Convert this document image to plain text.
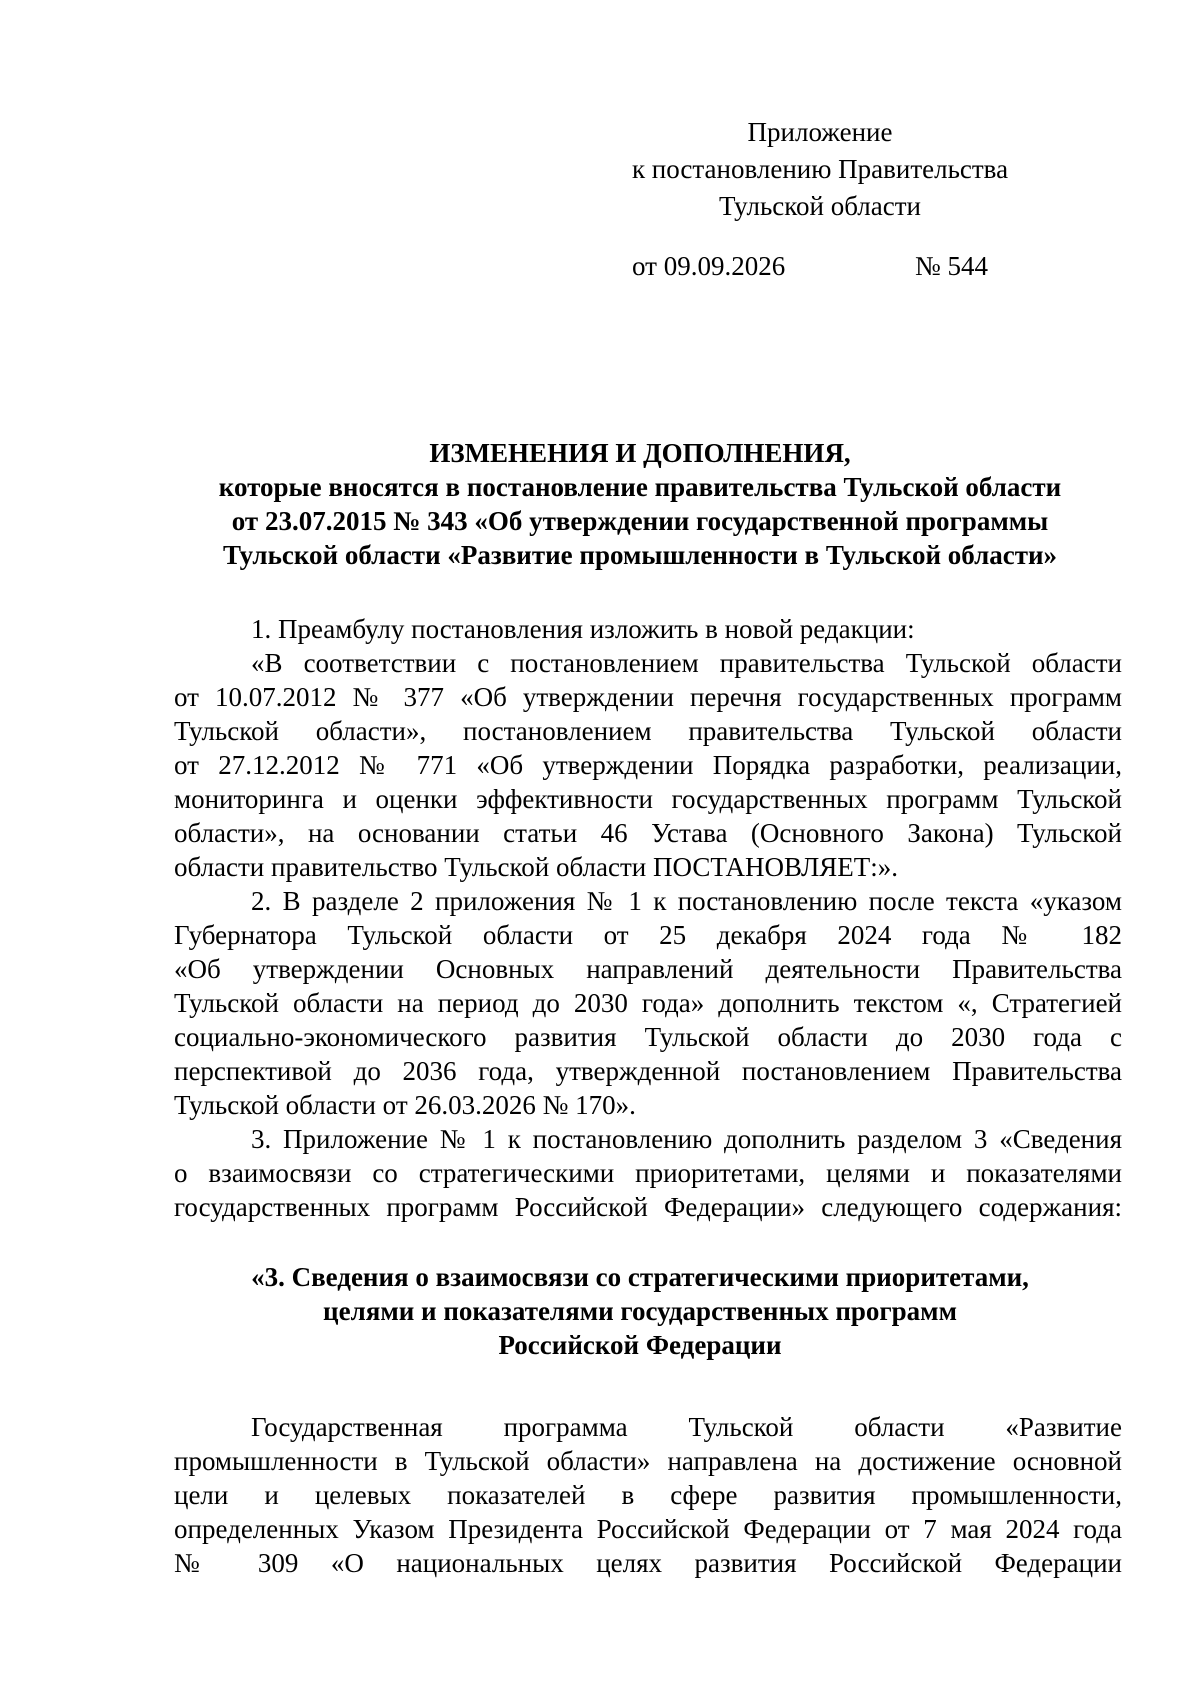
Приложение
к постановлению Правительства
Тульской области
от 09.09.2026	№ 544
ИЗМЕНЕНИЯ И ДОПОЛНЕНИЯ,
которые вносятся в постановление правительства Тульской области
от 23.07.2015 № 343 «Об утверждении государственной программы
Тульской области «Развитие промышленности в Тульской области»
1. Преамбулу постановления изложить в новой редакции:
«В соответствии с постановлением правительства Тульской области
от 10.07.2012 № 377 «Об утверждении перечня государственных программ
Тульской области», постановлением правительства Тульской области
от 27.12.2012 № 771 «Об утверждении Порядка разработки, реализации,
мониторинга и оценки эффективности государственных программ Тульской
области», на основании статьи 46 Устава (Основного Закона) Тульской
области правительство Тульской области ПОСТАНОВЛЯЕТ:».
2. В разделе 2 приложения № 1 к постановлению после текста «указом
Губернатора Тульской области от 25 декабря 2024 года № 182
«Об утверждении Основных направлений деятельности Правительства
Тульской области на период до 2030 года» дополнить текстом «, Стратегией
социально-экономического развития Тульской области до 2030 года с
перспективой до 2036 года, утвержденной постановлением Правительства
Тульской области от 26.03.2026 № 170».
3. Приложение № 1 к постановлению дополнить разделом 3 «Сведения
о взаимосвязи со стратегическими приоритетами, целями и показателями
государственных программ Российской Федерации» следующего содержания:
«3. Сведения о взаимосвязи со стратегическими приоритетами,
целями и показателями государственных программ
Российской Федерации
Государственная программа Тульской области «Развитие
промышленности в Тульской области» направлена на достижение основной
цели и целевых показателей в сфере развития промышленности,
определенных Указом Президента Российской Федерации от 7 мая 2024 года
№ 309 «О национальных целях развития Российской Федерации
